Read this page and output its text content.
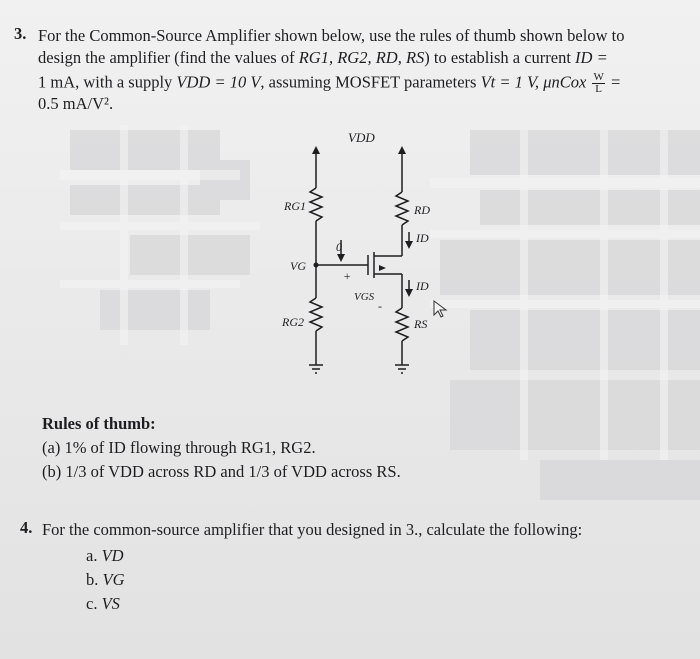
3. For the Common-Source Amplifier shown below, use the rules of thumb shown below to
design the amplifier (find the values of RG1, RG2, RD, RS) to establish a current ID =
1 mA, with a supply VDD = 10 V, assuming MOSFET parameters Vt = 1 V, μnCox $\frac{W}{L}$ =
0.5 mA/V².
VDD
RG1	RD
ID
VG
0
+
VGS
-
ID
RG2	RS
Rules of thumb:
(a) 1% of ID flowing through RG1, RG2.
(b) 1/3 of VDD across RD and 1/3 of VDD across RS.
4. For the common-source amplifier that you designed in 3., calculate the following:
a. VD
b. VG
c. VS
